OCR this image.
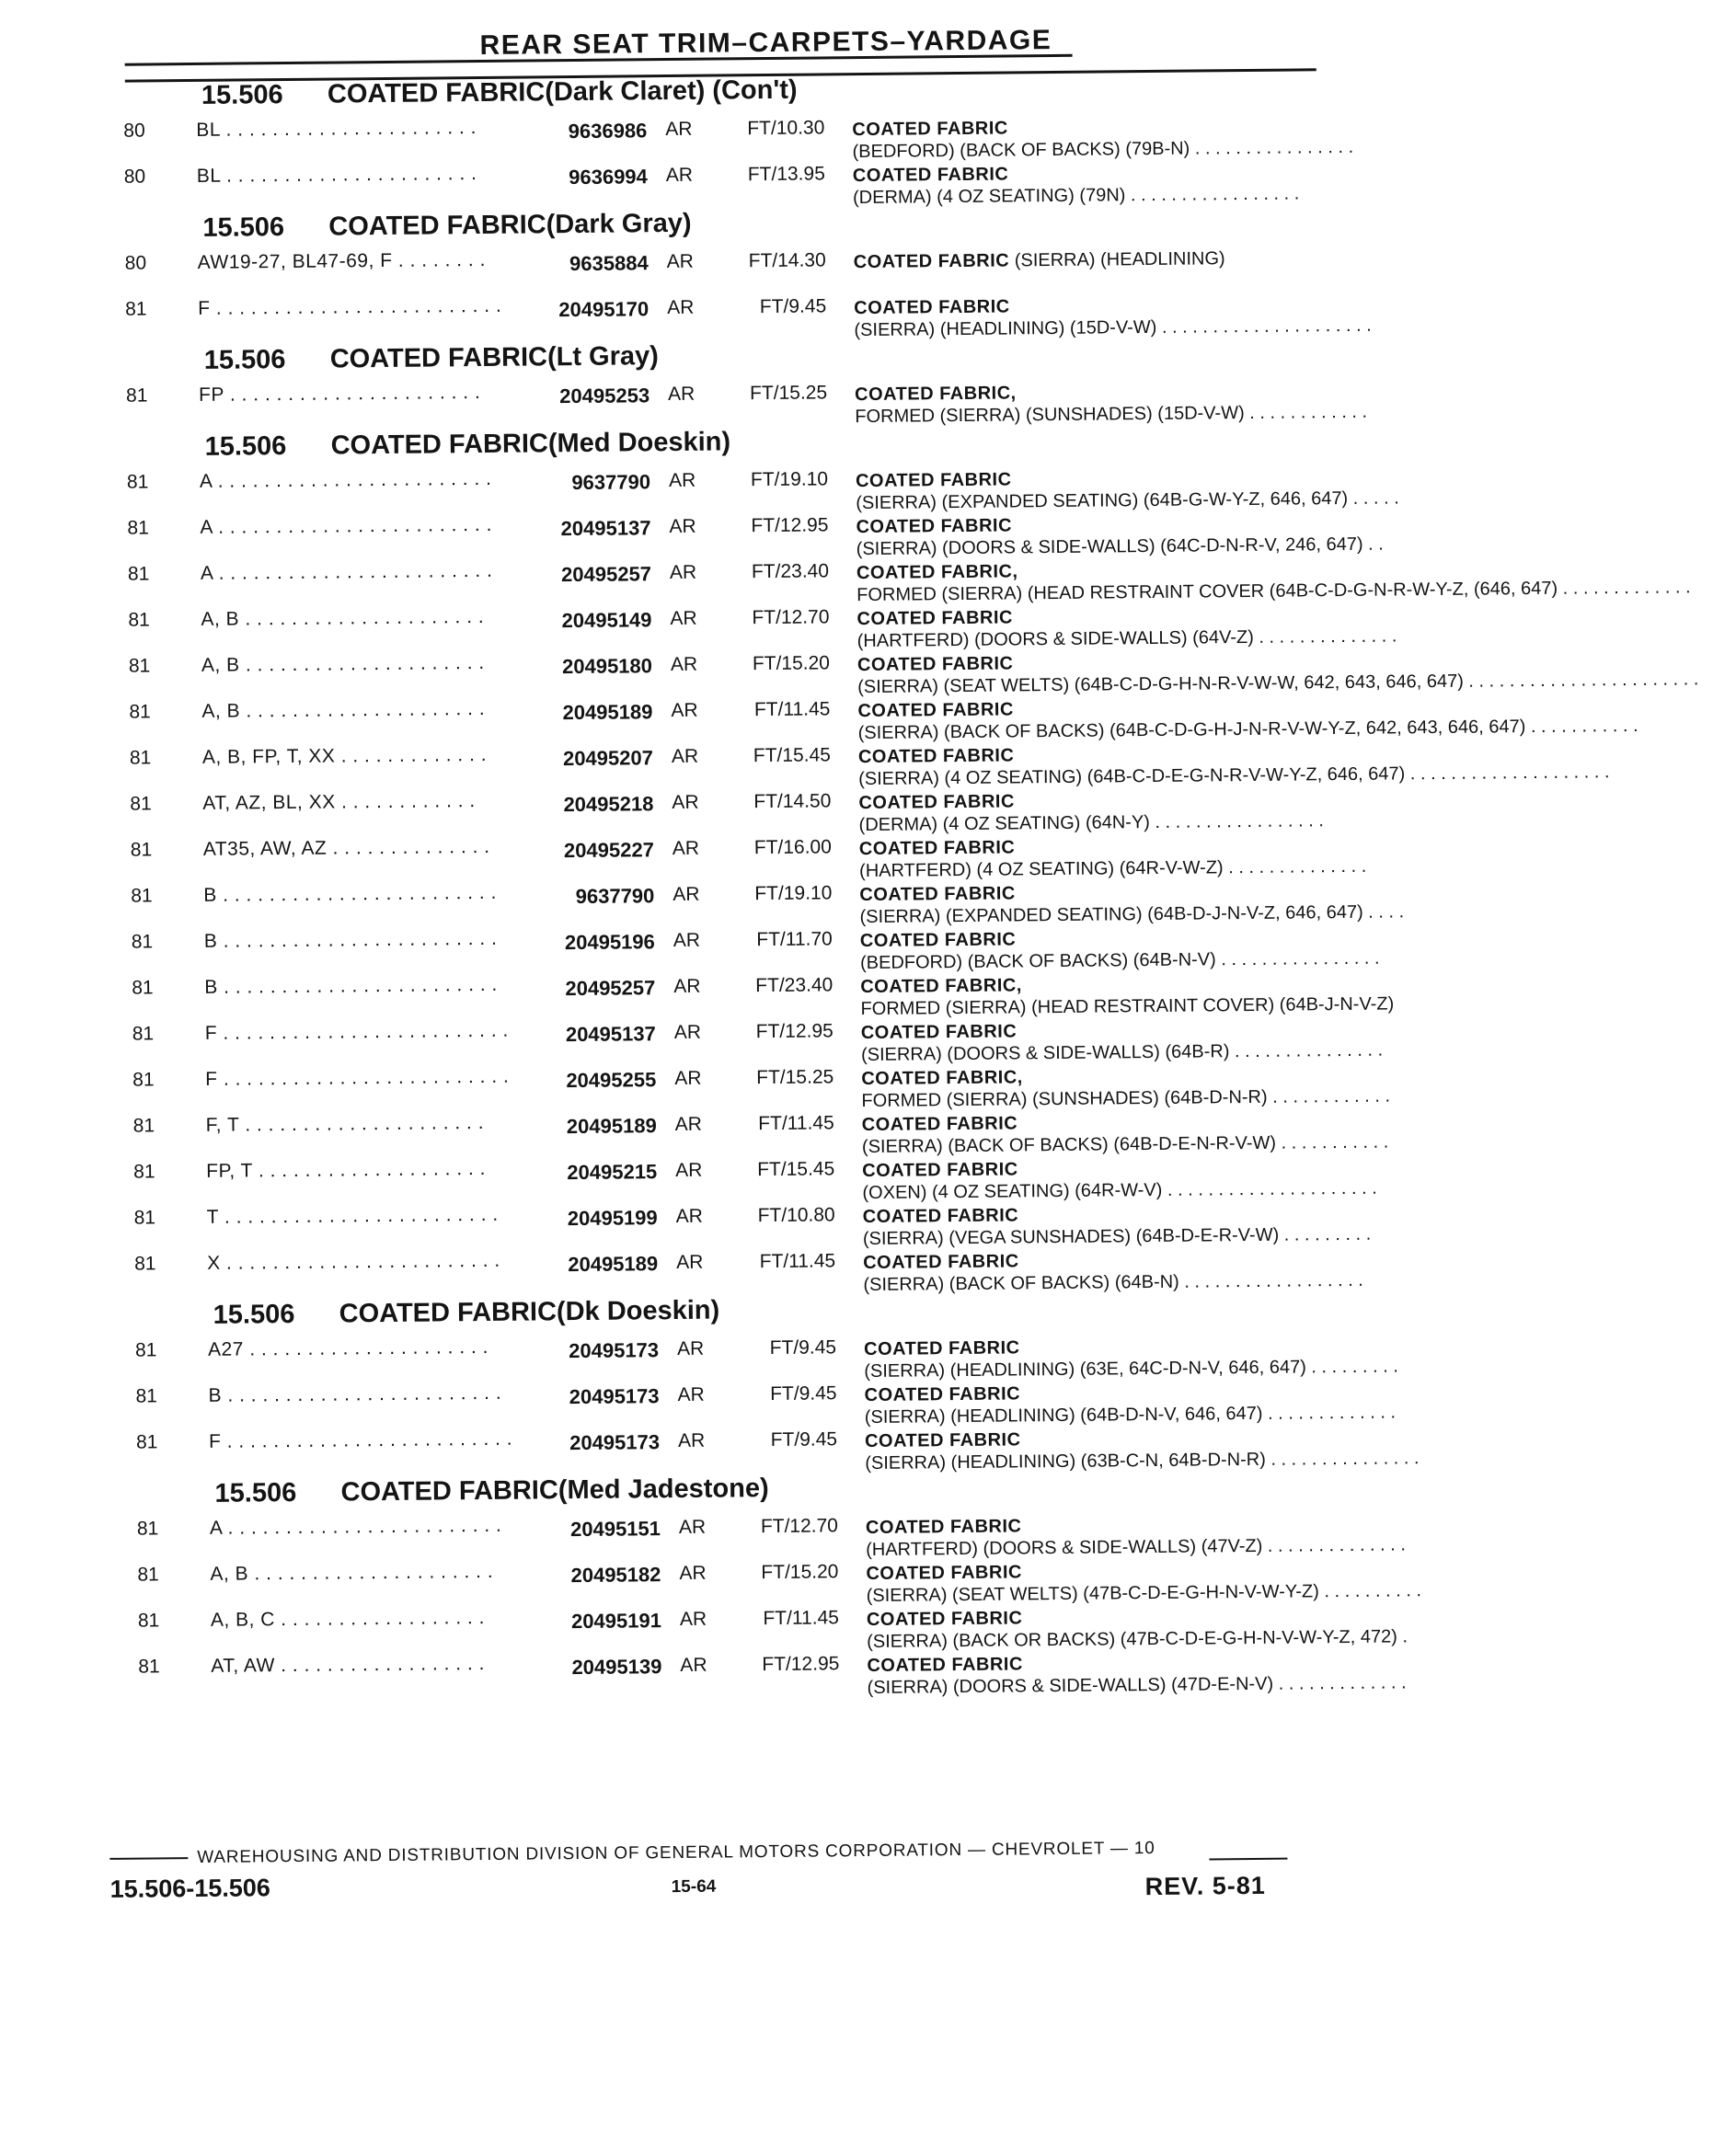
REAR SEAT TRIM–CARPETS–YARDAGE
15.506 COATED FABRIC(Dark Claret) (Con't)
80	BL . . . . . . . . . . . . . . . . . . . . . .	9636986 AR	FT/10.30 COATED FABRIC (BEDFORD) (BACK OF BACKS) (79B-N) . . . . . . . . . . . . . . . .
80	BL . . . . . . . . . . . . . . . . . . . . . .	9636994 AR	FT/13.95 COATED FABRIC (DERMA) (4 OZ SEATING) (79N) . . . . . . . . . . . . . . . . .
15.506 COATED FABRIC(Dark Gray)
80	AW19-27, BL47-69, F . . . . . . . .	9635884 AR	FT/14.30 COATED FABRIC (SIERRA) (HEADLINING)
81	F . . . . . . . . . . . . . . . . . . . . . . . . .	20495170 AR	FT/9.45 COATED FABRIC (SIERRA) (HEADLINING) (15D-V-W) . . . . . . . . . . . . . . . . . . . . .
15.506 COATED FABRIC(Lt Gray)
81	FP . . . . . . . . . . . . . . . . . . . . . .	20495253 AR	FT/15.25 COATED FABRIC, FORMED (SIERRA) (SUNSHADES) (15D-V-W) . . . . . . . . . . . .
15.506 COATED FABRIC(Med Doeskin)
81	A . . . . . . . . . . . . . . . . . . . . . . . .	9637790 AR	FT/19.10 COATED FABRIC (SIERRA) (EXPANDED SEATING) (64B-G-W-Y-Z, 646, 647) . . . . .
81	A . . . . . . . . . . . . . . . . . . . . . . . .	20495137 AR	FT/12.95 COATED FABRIC (SIERRA) (DOORS & SIDE-WALLS) (64C-D-N-R-V, 246, 647) . .
81	A . . . . . . . . . . . . . . . . . . . . . . . .	20495257 AR	FT/23.40 COATED FABRIC, FORMED (SIERRA) (HEAD RESTRAINT COVER (64B-C-D-G-N-R-W-Y-Z, (646, 647) . . . . . . . . . . . . .
81	A, B . . . . . . . . . . . . . . . . . . . . .	20495149 AR	FT/12.70 COATED FABRIC (HARTFERD) (DOORS & SIDE-WALLS) (64V-Z) . . . . . . . . . . . . . .
81	A, B . . . . . . . . . . . . . . . . . . . . .	20495180 AR	FT/15.20 COATED FABRIC (SIERRA) (SEAT WELTS) (64B-C-D-G-H-N-R-V-W-W, 642, 643, 646, 647) . . . . . . . . . . . . . . . . . . . . . . .
81	A, B . . . . . . . . . . . . . . . . . . . . .	20495189 AR	FT/11.45 COATED FABRIC (SIERRA) (BACK OF BACKS) (64B-C-D-G-H-J-N-R-V-W-Y-Z, 642, 643, 646, 647) . . . . . . . . . . .
81	A, B, FP, T, XX . . . . . . . . . . . . .	20495207 AR	FT/15.45 COATED FABRIC (SIERRA) (4 OZ SEATING) (64B-C-D-E-G-N-R-V-W-Y-Z, 646, 647) . . . . . . . . . . . . . . . . . . . .
81	AT, AZ, BL, XX . . . . . . . . . . . .	20495218 AR	FT/14.50 COATED FABRIC (DERMA) (4 OZ SEATING) (64N-Y) . . . . . . . . . . . . . . . . .
81	AT35, AW, AZ . . . . . . . . . . . . . .	20495227 AR	FT/16.00 COATED FABRIC (HARTFERD) (4 OZ SEATING) (64R-V-W-Z) . . . . . . . . . . . . . .
81	B . . . . . . . . . . . . . . . . . . . . . . . .	9637790 AR	FT/19.10 COATED FABRIC (SIERRA) (EXPANDED SEATING) (64B-D-J-N-V-Z, 646, 647) . . . .
81	B . . . . . . . . . . . . . . . . . . . . . . . .	20495196 AR	FT/11.70 COATED FABRIC (BEDFORD) (BACK OF BACKS) (64B-N-V) . . . . . . . . . . . . . . . .
81	B . . . . . . . . . . . . . . . . . . . . . . . .	20495257 AR	FT/23.40 COATED FABRIC, FORMED (SIERRA) (HEAD RESTRAINT COVER) (64B-J-N-V-Z)
81	F . . . . . . . . . . . . . . . . . . . . . . . . .	20495137 AR	FT/12.95 COATED FABRIC (SIERRA) (DOORS & SIDE-WALLS) (64B-R) . . . . . . . . . . . . . . .
81	F . . . . . . . . . . . . . . . . . . . . . . . . .	20495255 AR	FT/15.25 COATED FABRIC, FORMED (SIERRA) (SUNSHADES) (64B-D-N-R) . . . . . . . . . . . .
81	F, T . . . . . . . . . . . . . . . . . . . . .	20495189 AR	FT/11.45 COATED FABRIC (SIERRA) (BACK OF BACKS) (64B-D-E-N-R-V-W) . . . . . . . . . . .
81	FP, T . . . . . . . . . . . . . . . . . . . .	20495215 AR	FT/15.45 COATED FABRIC (OXEN) (4 OZ SEATING) (64R-W-V) . . . . . . . . . . . . . . . . . . . . .
81	T . . . . . . . . . . . . . . . . . . . . . . . .	20495199 AR	FT/10.80 COATED FABRIC (SIERRA) (VEGA SUNSHADES) (64B-D-E-R-V-W) . . . . . . . . .
81	X . . . . . . . . . . . . . . . . . . . . . . . .	20495189 AR	FT/11.45 COATED FABRIC (SIERRA) (BACK OF BACKS) (64B-N) . . . . . . . . . . . . . . . . . .
15.506 COATED FABRIC(Dk Doeskin)
81	A27 . . . . . . . . . . . . . . . . . . . . .	20495173 AR	FT/9.45 COATED FABRIC (SIERRA) (HEADLINING) (63E, 64C-D-N-V, 646, 647) . . . . . . . . .
81	B . . . . . . . . . . . . . . . . . . . . . . . .	20495173 AR	FT/9.45 COATED FABRIC (SIERRA) (HEADLINING) (64B-D-N-V, 646, 647) . . . . . . . . . . . . .
81	F . . . . . . . . . . . . . . . . . . . . . . . . .	20495173 AR	FT/9.45 COATED FABRIC (SIERRA) (HEADLINING) (63B-C-N, 64B-D-N-R) . . . . . . . . . . . . . . .
15.506 COATED FABRIC(Med Jadestone)
81	A . . . . . . . . . . . . . . . . . . . . . . . .	20495151 AR	FT/12.70 COATED FABRIC (HARTFERD) (DOORS & SIDE-WALLS) (47V-Z) . . . . . . . . . . . . . .
81	A, B . . . . . . . . . . . . . . . . . . . . .	20495182 AR	FT/15.20 COATED FABRIC (SIERRA) (SEAT WELTS) (47B-C-D-E-G-H-N-V-W-Y-Z) . . . . . . . . . .
81	A, B, C . . . . . . . . . . . . . . . . . .	20495191 AR	FT/11.45 COATED FABRIC (SIERRA) (BACK OR BACKS) (47B-C-D-E-G-H-N-V-W-Y-Z, 472) .
81	AT, AW . . . . . . . . . . . . . . . . . .	20495139 AR	FT/12.95 COATED FABRIC (SIERRA) (DOORS & SIDE-WALLS) (47D-E-N-V) . . . . . . . . . . . . .
WAREHOUSING AND DISTRIBUTION DIVISION OF GENERAL MOTORS CORPORATION — CHEVROLET — 10
15.506-15.506	15-64	REV. 5-81
